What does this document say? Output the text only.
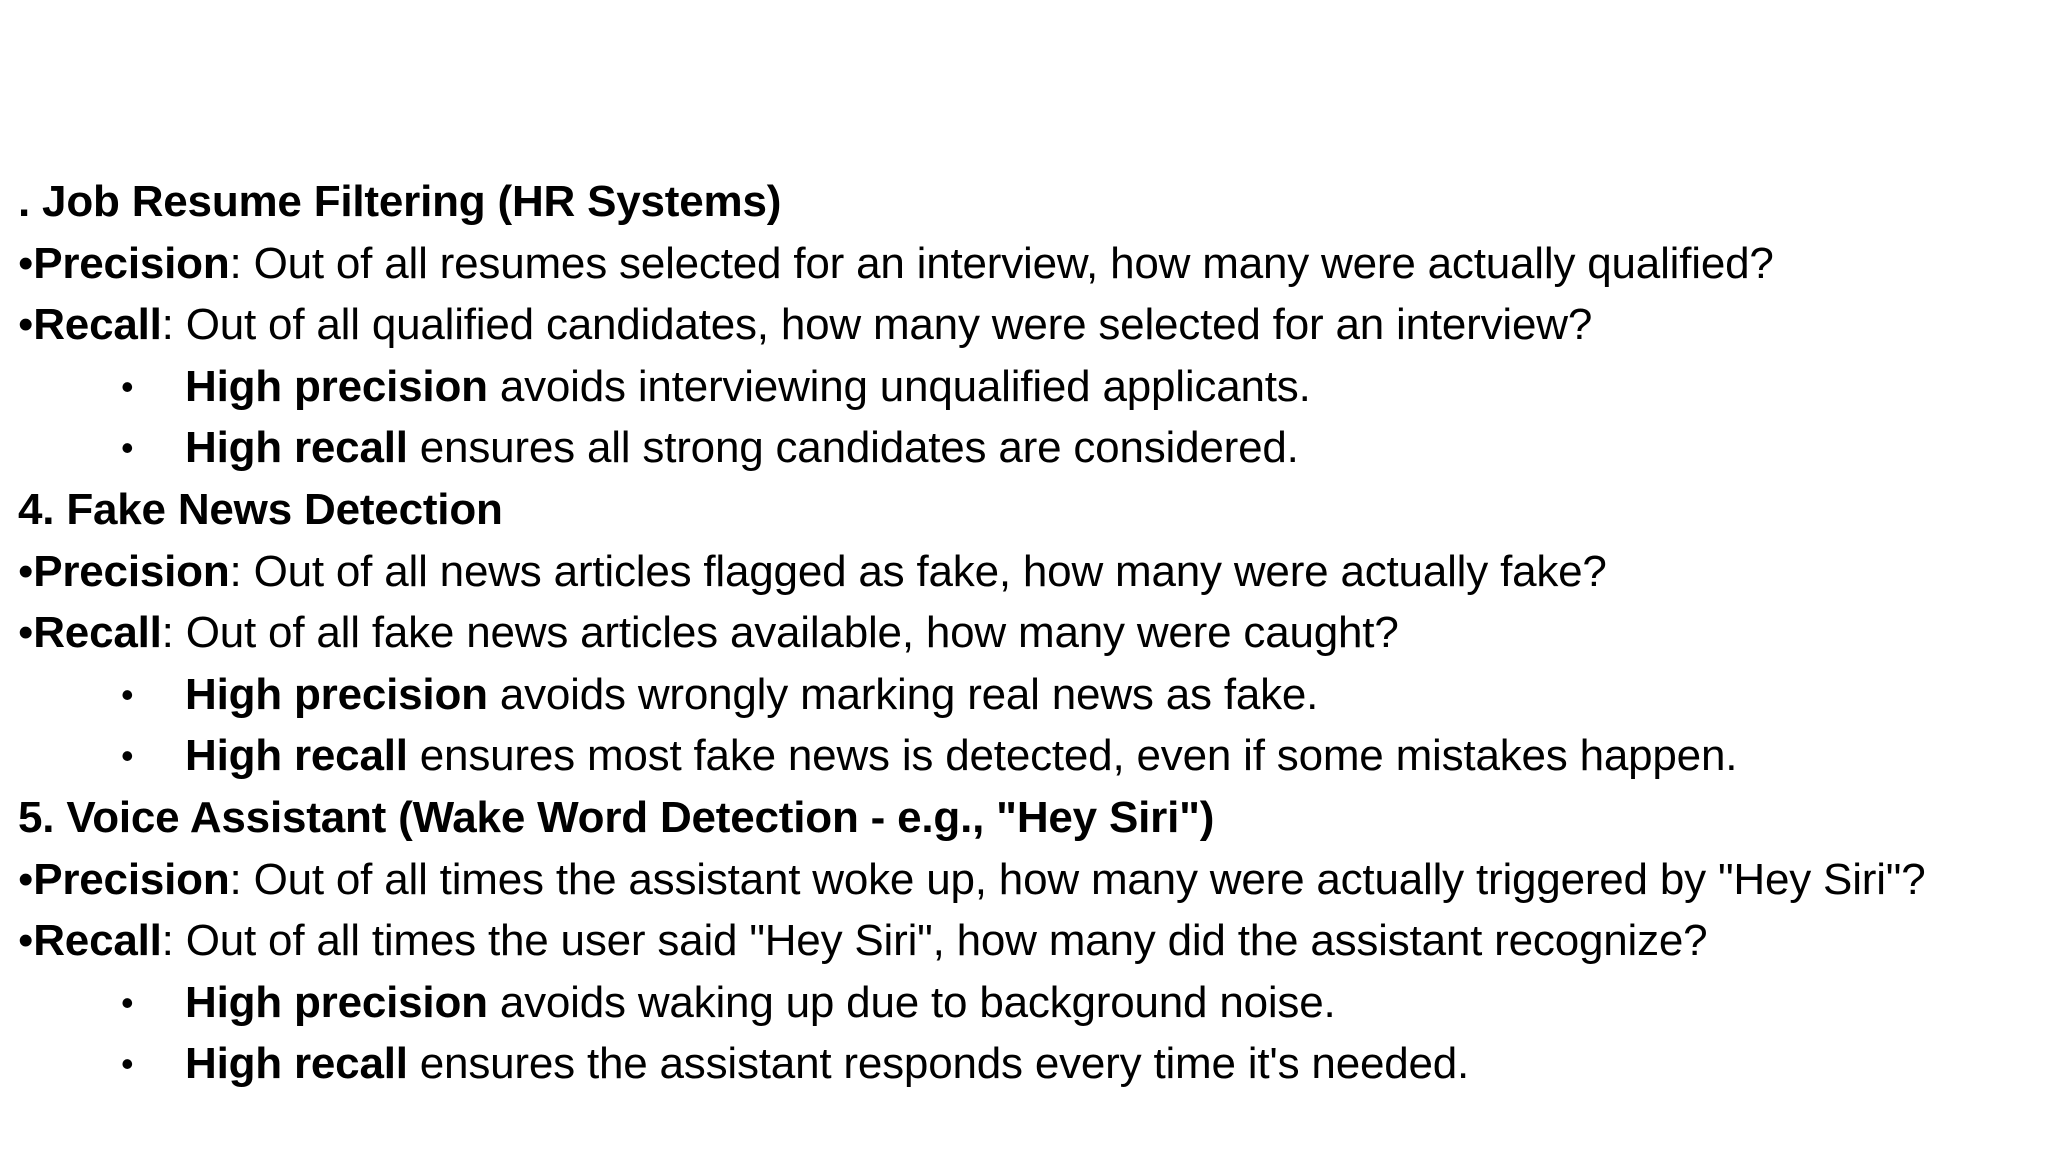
. Job Resume Filtering (HR Systems)
•Precision: Out of all resumes selected for an interview, how many were actually qualified?
•Recall: Out of all qualified candidates, how many were selected for an interview?
• High precision avoids interviewing unqualified applicants.
• High recall ensures all strong candidates are considered.
4. Fake News Detection
•Precision: Out of all news articles flagged as fake, how many were actually fake?
•Recall: Out of all fake news articles available, how many were caught?
• High precision avoids wrongly marking real news as fake.
• High recall ensures most fake news is detected, even if some mistakes happen.
5. Voice Assistant (Wake Word Detection - e.g., "Hey Siri")
•Precision: Out of all times the assistant woke up, how many were actually triggered by "Hey Siri"?
•Recall: Out of all times the user said "Hey Siri", how many did the assistant recognize?
• High precision avoids waking up due to background noise.
• High recall ensures the assistant responds every time it's needed.
